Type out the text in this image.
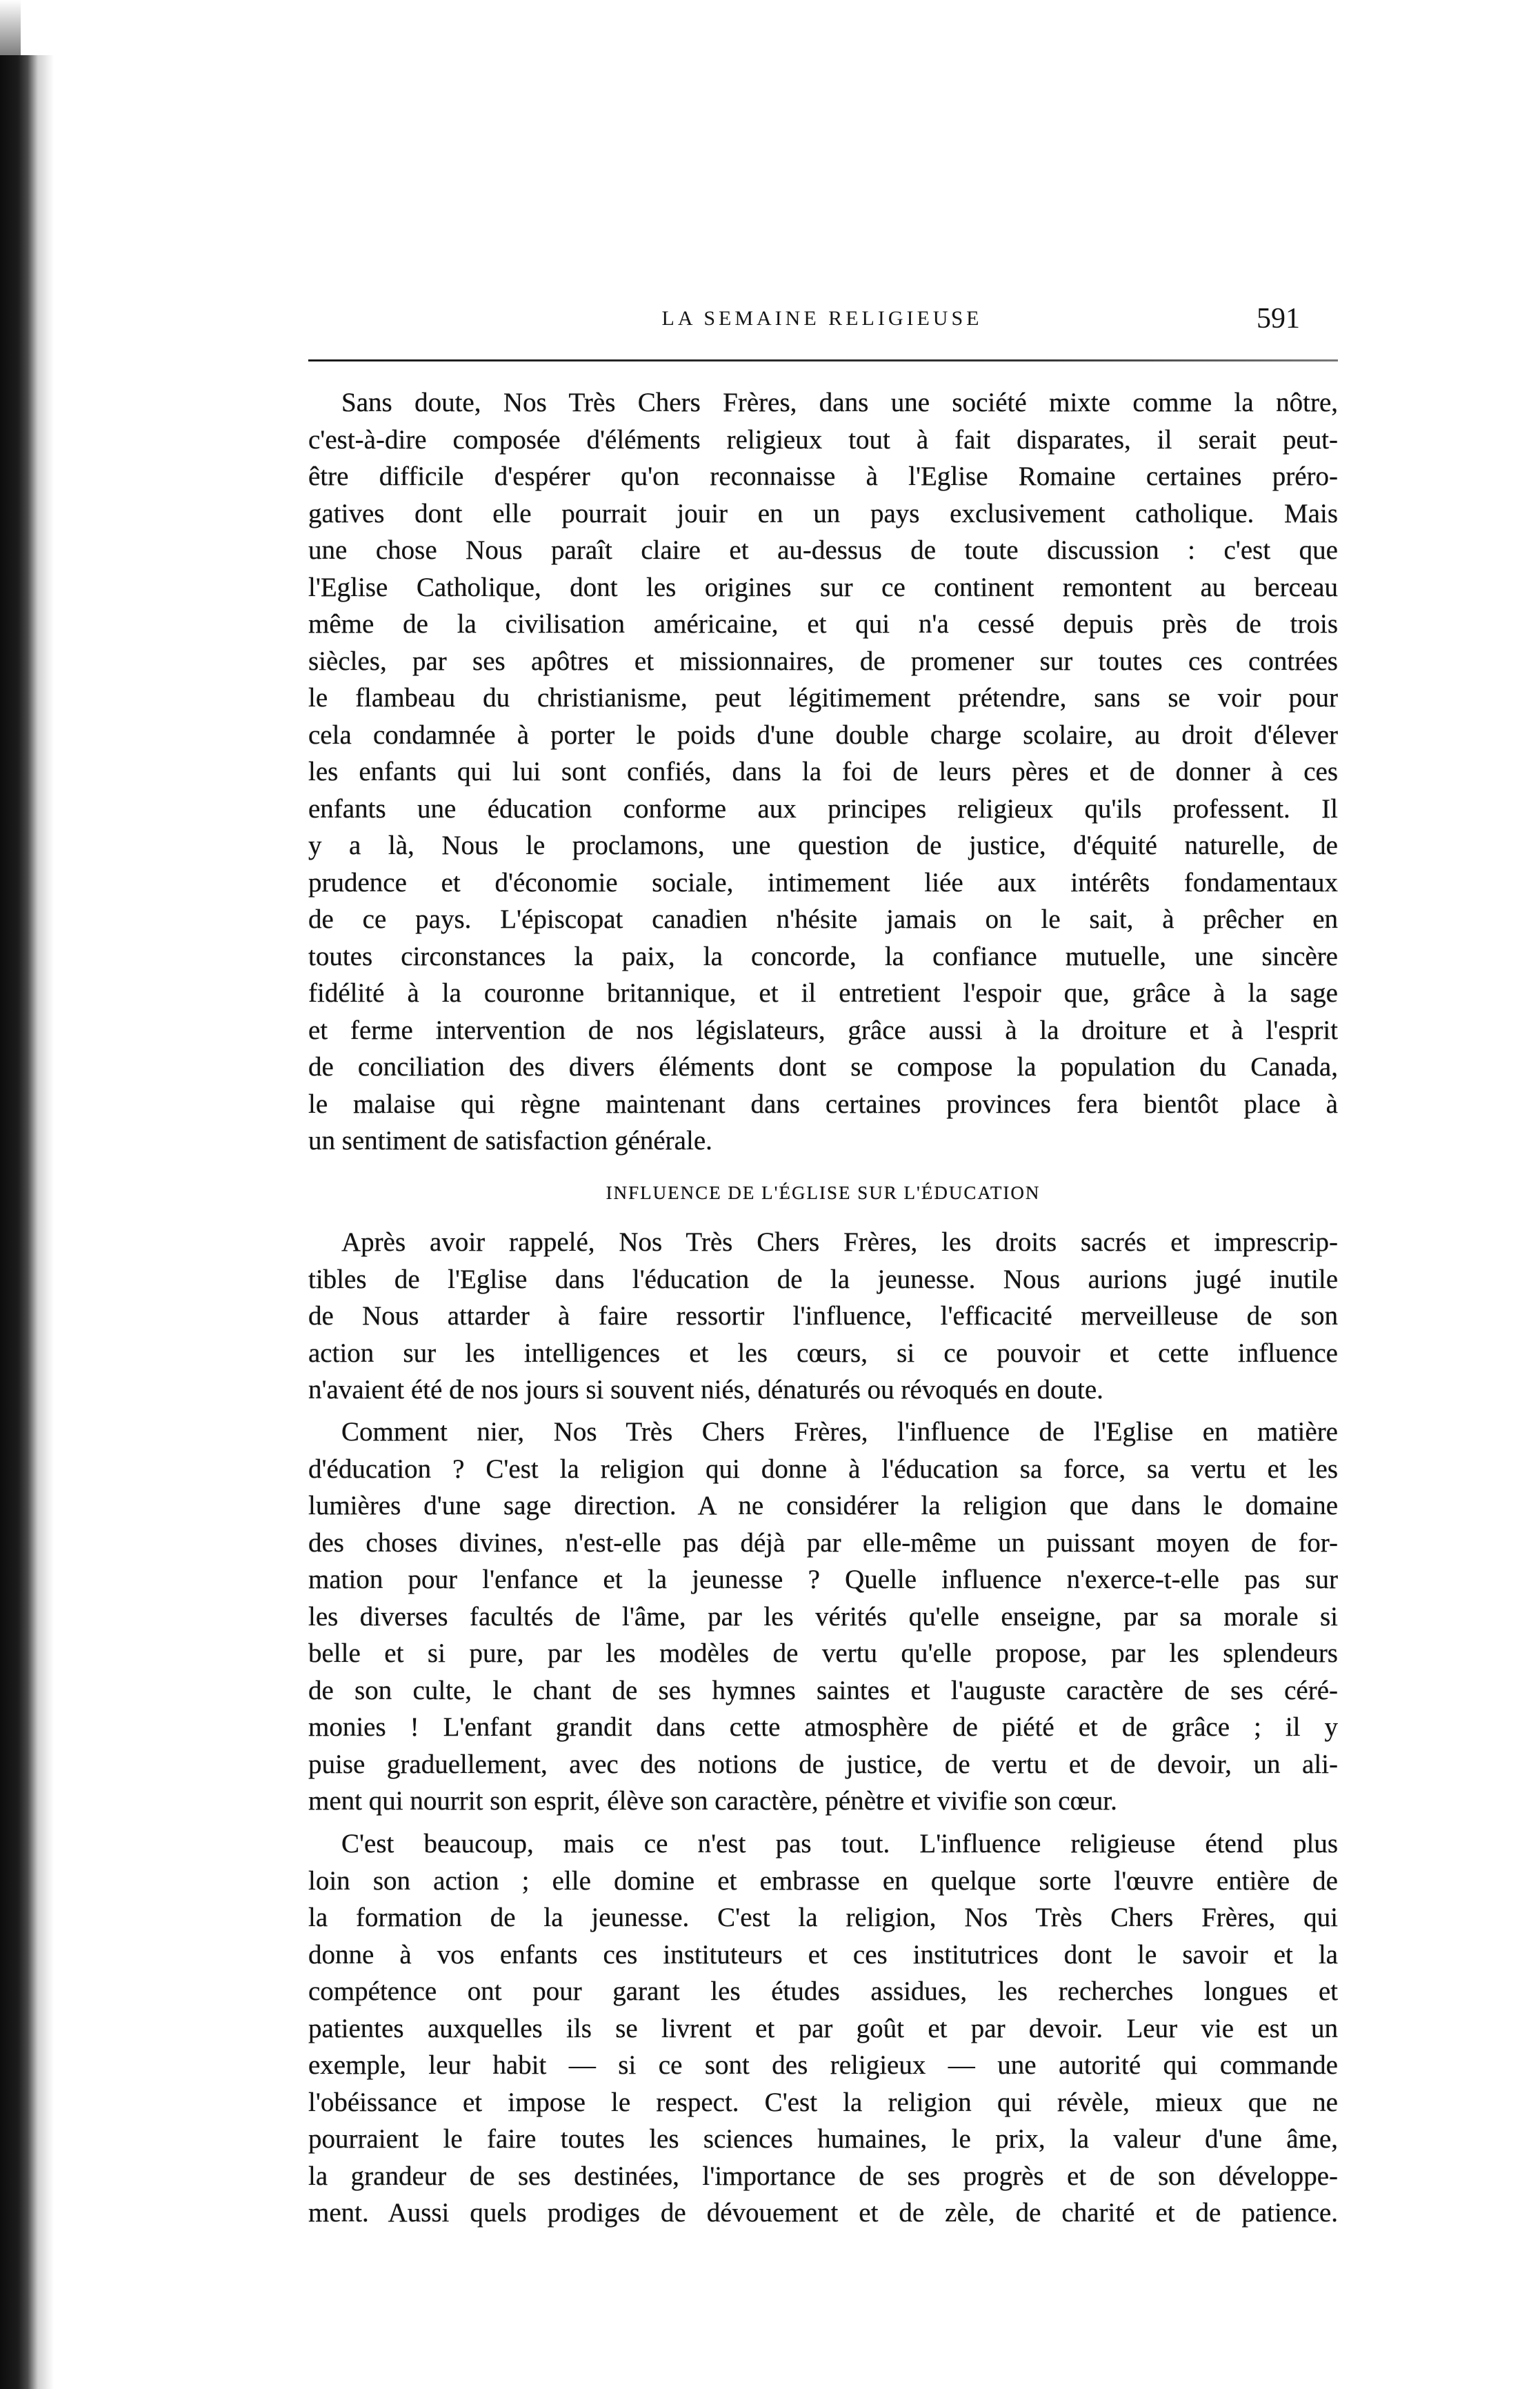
LA SEMAINE RELIGIEUSE	591
Sans doute, Nos Très Chers Frères, dans une société mixte comme la nôtre,
c'est-à-dire composée d'éléments religieux tout à fait disparates, il serait peut-
être difficile d'espérer qu'on reconnaisse à l'Eglise Romaine certaines préro-
gatives dont elle pourrait jouir en un pays exclusivement catholique. Mais
une chose Nous paraît claire et au-dessus de toute discussion : c'est que
l'Eglise Catholique, dont les origines sur ce continent remontent au berceau
même de la civilisation américaine, et qui n'a cessé depuis près de trois
siècles, par ses apôtres et missionnaires, de promener sur toutes ces contrées
le flambeau du christianisme, peut légitimement prétendre, sans se voir pour
cela condamnée à porter le poids d'une double charge scolaire, au droit d'élever
les enfants qui lui sont confiés, dans la foi de leurs pères et de donner à ces
enfants une éducation conforme aux principes religieux qu'ils professent. Il
y a là, Nous le proclamons, une question de justice, d'équité naturelle, de
prudence et d'économie sociale, intimement liée aux intérêts fondamentaux
de ce pays. L'épiscopat canadien n'hésite jamais on le sait, à prêcher en
toutes circonstances la paix, la concorde, la confiance mutuelle, une sincère
fidélité à la couronne britannique, et il entretient l'espoir que, grâce à la sage
et ferme intervention de nos législateurs, grâce aussi à la droiture et à l'esprit
de conciliation des divers éléments dont se compose la population du Canada,
le malaise qui règne maintenant dans certaines provinces fera bientôt place à
un sentiment de satisfaction générale.
INFLUENCE DE L'ÉGLISE SUR L'ÉDUCATION
Après avoir rappelé, Nos Très Chers Frères, les droits sacrés et imprescrip-
tibles de l'Eglise dans l'éducation de la jeunesse. Nous aurions jugé inutile
de Nous attarder à faire ressortir l'influence, l'efficacité merveilleuse de son
action sur les intelligences et les cœurs, si ce pouvoir et cette influence
n'avaient été de nos jours si souvent niés, dénaturés ou révoqués en doute.
Comment nier, Nos Très Chers Frères, l'influence de l'Eglise en matière
d'éducation ? C'est la religion qui donne à l'éducation sa force, sa vertu et les
lumières d'une sage direction. A ne considérer la religion que dans le domaine
des choses divines, n'est-elle pas déjà par elle-même un puissant moyen de for-
mation pour l'enfance et la jeunesse ? Quelle influence n'exerce-t-elle pas sur
les diverses facultés de l'âme, par les vérités qu'elle enseigne, par sa morale si
belle et si pure, par les modèles de vertu qu'elle propose, par les splendeurs
de son culte, le chant de ses hymnes saintes et l'auguste caractère de ses céré-
monies ! L'enfant grandit dans cette atmosphère de piété et de grâce ; il y
puise graduellement, avec des notions de justice, de vertu et de devoir, un ali-
ment qui nourrit son esprit, élève son caractère, pénètre et vivifie son cœur.
C'est beaucoup, mais ce n'est pas tout. L'influence religieuse étend plus
loin son action ; elle domine et embrasse en quelque sorte l'œuvre entière de
la formation de la jeunesse. C'est la religion, Nos Très Chers Frères, qui
donne à vos enfants ces instituteurs et ces institutrices dont le savoir et la
compétence ont pour garant les études assidues, les recherches longues et
patientes auxquelles ils se livrent et par goût et par devoir. Leur vie est un
exemple, leur habit — si ce sont des religieux — une autorité qui commande
l'obéissance et impose le respect. C'est la religion qui révèle, mieux que ne
pourraient le faire toutes les sciences humaines, le prix, la valeur d'une âme,
la grandeur de ses destinées, l'importance de ses progrès et de son développe-
ment. Aussi quels prodiges de dévouement et de zèle, de charité et de patience.
